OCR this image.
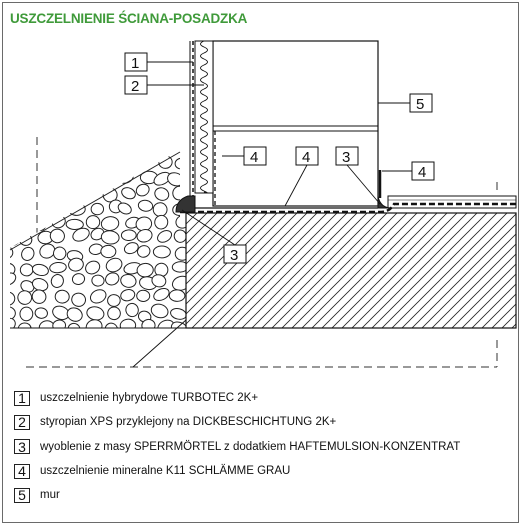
USZCZELNIENIE ŚCIANA-POSADZKA
1
2
5
4	4 3
4
3
1	uszczelnienie hybrydowe TURBOTEC 2K+
2	styropian XPS przyklejony na DICKBESCHICHTUNG 2K+
3	wyoblenie z masy SPERRMÖRTEL z dodatkiem HAFTEMULSION-KONZENTRAT
4	uszczelnienie mineralne K11 SCHLÄMME GRAU
5	mur
